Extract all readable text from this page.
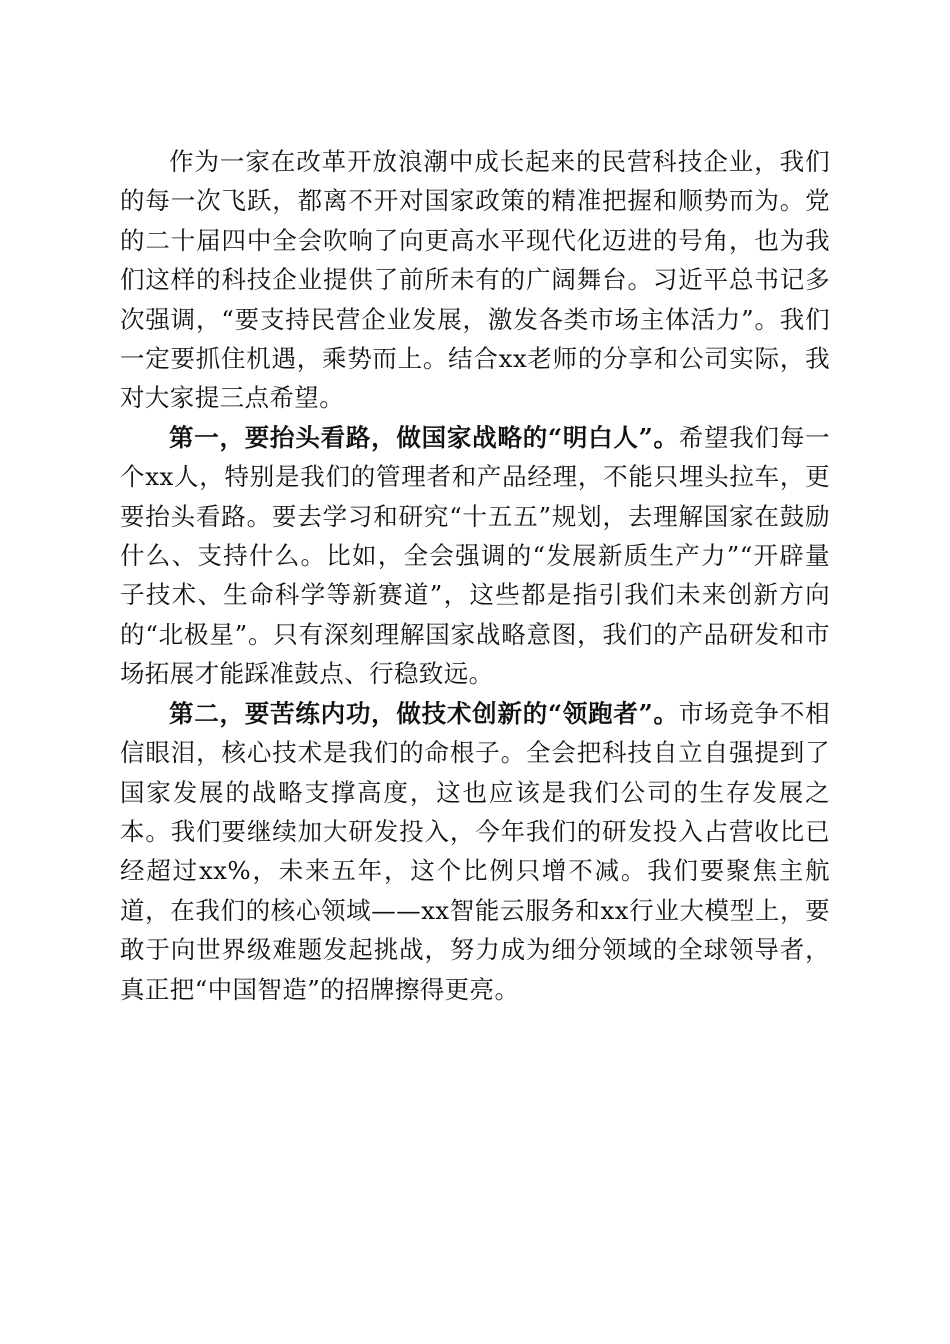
作为一家在改革开放浪潮中成长起来的民营科技企业，我们的每一次飞跃，都离不开对国家政策的精准把握和顺势而为。党的二十届四中全会吹响了向更高水平现代化迈进的号角，也为我们这样的科技企业提供了前所未有的广阔舞台。习近平总书记多次强调，“要支持民营企业发展，激发各类市场主体活力”。我们一定要抓住机遇，乘势而上。结合xx老师的分享和公司实际，我对大家提三点希望。

第一，要抬头看路，做国家战略的“明白人”。希望我们每一个xx人，特别是我们的管理者和产品经理，不能只埋头拉车，更要抬头看路。要去学习和研究“十五五”规划，去理解国家在鼓励什么、支持什么。比如，全会强调的“发展新质生产力”“开辟量子技术、生命科学等新赛道”，这些都是指引我们未来创新方向的“北极星”。只有深刻理解国家战略意图，我们的产品研发和市场拓展才能踩准鼓点、行稳致远。

第二，要苦练内功，做技术创新的“领跑者”。市场竞争不相信眼泪，核心技术是我们的命根子。全会把科技自立自强提到了国家发展的战略支撑高度，这也应该是我们公司的生存发展之本。我们要继续加大研发投入，今年我们的研发投入占营收比已经超过xx%，未来五年，这个比例只增不减。我们要聚焦主航道，在我们的核心领域——xx智能云服务和xx行业大模型上，要敢于向世界级难题发起挑战，努力成为细分领域的全球领导者，真正把“中国智造”的招牌擦得更亮。
